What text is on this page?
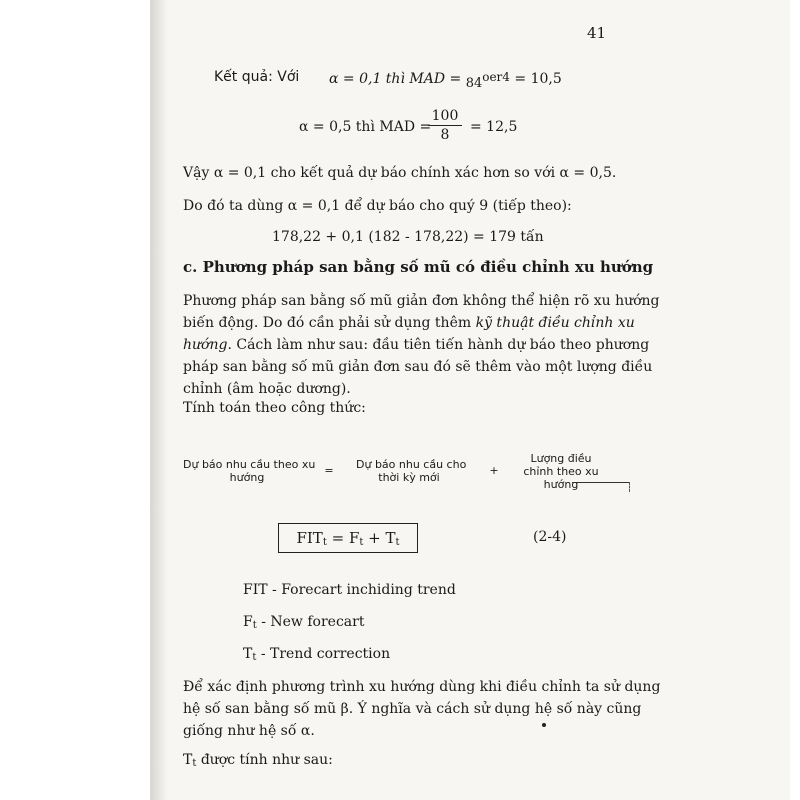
41
Kết quả: Với α = 0,1 thì MAD = 84oer4 = 10,5
α = 0,5 thì MAD =
100
8	= 12,5
Vậy α = 0,1 cho kết quả dự báo chính xác hơn so với α = 0,5.
Do đó ta dùng α = 0,1 để dự báo cho quý 9 (tiếp theo):
178,22 + 0,1 (182 - 178,22) = 179 tấn
c. Phương pháp san bằng số mũ có điều chỉnh xu hướng
Phương pháp san bằng số mũ giản đơn không thể hiện rõ xu hướng
biến động. Do đó cần phải sử dụng thêm kỹ thuật điều chỉnh xu
hướng. Cách làm như sau: đầu tiên tiến hành dự báo theo phương
pháp san bằng số mũ giản đơn sau đó sẽ thêm vào một lượng điều
chỉnh (âm hoặc dương).
Tính toán theo công thức:
Dự báo nhu cầu theo xu
hướng
= Dự báo nhu cầu cho
thời kỳ mới
+
Lượng điều
chỉnh theo xu
hướng
$FIT_t = F_t + T_t$	(2-4)
FIT - Forecart inchiding trend
$F_t$ - New forecart
$T_t$ - Trend correction
Để xác định phương trình xu hướng dùng khi điều chỉnh ta sử dụng
hệ số san bằng số mũ β. Ý nghĩa và cách sử dụng hệ số này cũng
giống như hệ số α.
$T_t$ được tính như sau:
